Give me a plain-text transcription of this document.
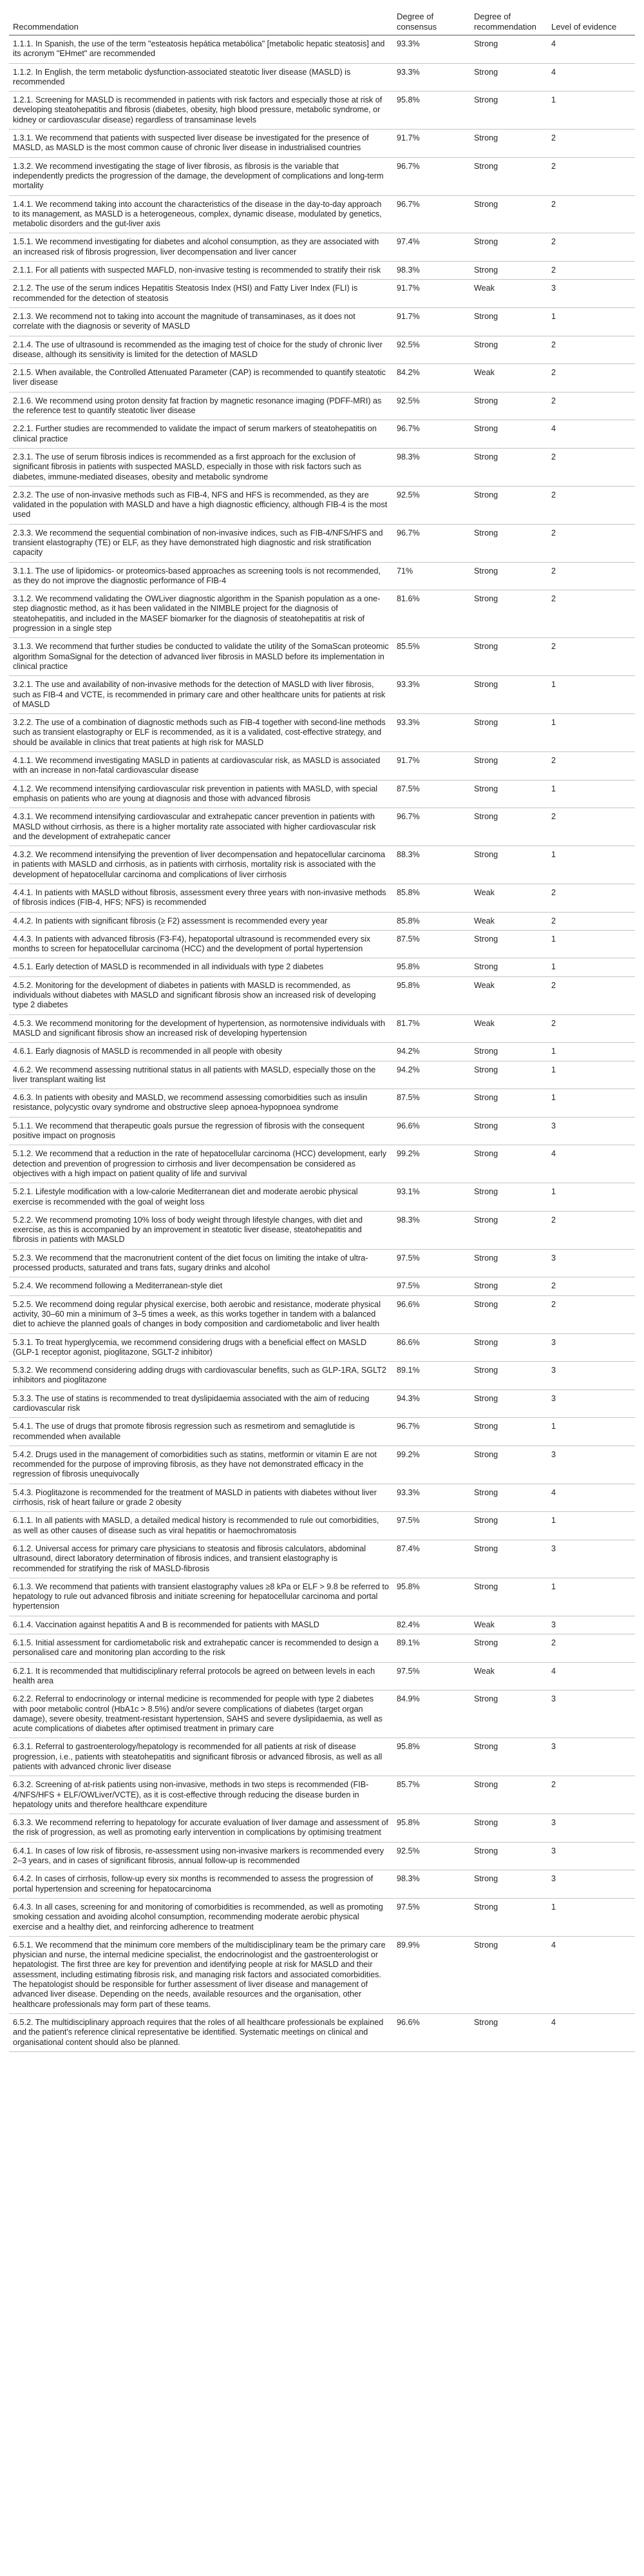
Recommendation	Degree of consensus	Degree of recommendation	Level of evidence
1.1.1. In Spanish, the use of the term "esteatosis hepática metabólica" [metabolic hepatic steatosis] and its acronym "EHmet" are recommended	93.3%	Strong	4
1.1.2. In English, the term metabolic dysfunction-associated steatotic liver disease (MASLD) is recommended	93.3%	Strong	4
1.2.1. Screening for MASLD is recommended in patients with risk factors and especially those at risk of developing steatohepatitis and fibrosis (diabetes, obesity, high blood pressure, metabolic syndrome, or kidney or cardiovascular disease) regardless of transaminase levels	95.8%	Strong	1
1.3.1. We recommend that patients with suspected liver disease be investigated for the presence of MASLD, as MASLD is the most common cause of chronic liver disease in industrialised countries	91.7%	Strong	2
1.3.2. We recommend investigating the stage of liver fibrosis, as fibrosis is the variable that independently predicts the progression of the damage, the development of complications and long-term mortality	96.7%	Strong	2
1.4.1. We recommend taking into account the characteristics of the disease in the day-to-day approach to its management, as MASLD is a heterogeneous, complex, dynamic disease, modulated by genetics, metabolic disorders and the gut-liver axis	96.7%	Strong	2
1.5.1. We recommend investigating for diabetes and alcohol consumption, as they are associated with an increased risk of fibrosis progression, liver decompensation and liver cancer	97.4%	Strong	2
2.1.1. For all patients with suspected MAFLD, non-invasive testing is recommended to stratify their risk	98.3%	Strong	2
2.1.2. The use of the serum indices Hepatitis Steatosis Index (HSI) and Fatty Liver Index (FLI) is recommended for the detection of steatosis	91.7%	Weak	3
2.1.3. We recommend not to taking into account the magnitude of transaminases, as it does not correlate with the diagnosis or severity of MASLD	91.7%	Strong	1
2.1.4. The use of ultrasound is recommended as the imaging test of choice for the study of chronic liver disease, although its sensitivity is limited for the detection of MASLD	92.5%	Strong	2
2.1.5. When available, the Controlled Attenuated Parameter (CAP) is recommended to quantify steatotic liver disease	84.2%	Weak	2
2.1.6. We recommend using proton density fat fraction by magnetic resonance imaging (PDFF-MRI) as the reference test to quantify steatotic liver disease	92.5%	Strong	2
2.2.1. Further studies are recommended to validate the impact of serum markers of steatohepatitis on clinical practice	96.7%	Strong	4
2.3.1. The use of serum fibrosis indices is recommended as a first approach for the exclusion of significant fibrosis in patients with suspected MASLD, especially in those with risk factors such as diabetes, immune-mediated diseases, obesity and metabolic syndrome	98.3%	Strong	2
2.3.2. The use of non-invasive methods such as FIB-4, NFS and HFS is recommended, as they are validated in the population with MASLD and have a high diagnostic efficiency, although FIB-4 is the most used	92.5%	Strong	2
2.3.3. We recommend the sequential combination of non-invasive indices, such as FIB-4/NFS/HFS and transient elastography (TE) or ELF, as they have demonstrated high diagnostic and risk stratification capacity	96.7%	Strong	2
3.1.1. The use of lipidomics- or proteomics-based approaches as screening tools is not recommended, as they do not improve the diagnostic performance of FIB-4	71%	Strong	2
3.1.2. We recommend validating the OWLiver diagnostic algorithm in the Spanish population as a one-step diagnostic method, as it has been validated in the NIMBLE project for the diagnosis of steatohepatitis, and included in the MASEF biomarker for the diagnosis of steatohepatitis at risk of progression in a single step	81.6%	Strong	2
3.1.3. We recommend that further studies be conducted to validate the utility of the SomaScan proteomic algorithm SomaSignal for the detection of advanced liver fibrosis in MASLD before its implementation in clinical practice	85.5%	Strong	2
3.2.1. The use and availability of non-invasive methods for the detection of MASLD with liver fibrosis, such as FIB-4 and VCTE, is recommended in primary care and other healthcare units for patients at risk of MASLD	93.3%	Strong	1
3.2.2. The use of a combination of diagnostic methods such as FIB-4 together with second-line methods such as transient elastography or ELF is recommended, as it is a validated, cost-effective strategy, and should be available in clinics that treat patients at high risk for MASLD	93.3%	Strong	1
4.1.1. We recommend investigating MASLD in patients at cardiovascular risk, as MASLD is associated with an increase in non-fatal cardiovascular disease	91.7%	Strong	2
4.1.2. We recommend intensifying cardiovascular risk prevention in patients with MASLD, with special emphasis on patients who are young at diagnosis and those with advanced fibrosis	87.5%	Strong	1
4.3.1. We recommend intensifying cardiovascular and extrahepatic cancer prevention in patients with MASLD without cirrhosis, as there is a higher mortality rate associated with higher cardiovascular risk and the development of extrahepatic cancer	96.7%	Strong	2
4.3.2. We recommend intensifying the prevention of liver decompensation and hepatocellular carcinoma in patients with MASLD and cirrhosis, as in patients with cirrhosis, mortality risk is associated with the development of hepatocellular carcinoma and complications of liver cirrhosis	88.3%	Strong	1
4.4.1. In patients with MASLD without fibrosis, assessment every three years with non-invasive methods of fibrosis indices (FIB-4, HFS; NFS) is recommended	85.8%	Weak	2
4.4.2. In patients with significant fibrosis (≥ F2) assessment is recommended every year	85.8%	Weak	2
4.4.3. In patients with advanced fibrosis (F3-F4), hepatoportal ultrasound is recommended every six months to screen for hepatocellular carcinoma (HCC) and the development of portal hypertension	87.5%	Strong	1
4.5.1. Early detection of MASLD is recommended in all individuals with type 2 diabetes	95.8%	Strong	1
4.5.2. Monitoring for the development of diabetes in patients with MASLD is recommended, as individuals without diabetes with MASLD and significant fibrosis show an increased risk of developing type 2 diabetes	95.8%	Weak	2
4.5.3. We recommend monitoring for the development of hypertension, as normotensive individuals with MASLD and significant fibrosis show an increased risk of developing hypertension	81.7%	Weak	2
4.6.1. Early diagnosis of MASLD is recommended in all people with obesity	94.2%	Strong	1
4.6.2. We recommend assessing nutritional status in all patients with MASLD, especially those on the liver transplant waiting list	94.2%	Strong	1
4.6.3. In patients with obesity and MASLD, we recommend assessing comorbidities such as insulin resistance, polycystic ovary syndrome and obstructive sleep apnoea-hypopnoea syndrome	87.5%	Strong	1
5.1.1. We recommend that therapeutic goals pursue the regression of fibrosis with the consequent positive impact on prognosis	96.6%	Strong	3
5.1.2. We recommend that a reduction in the rate of hepatocellular carcinoma (HCC) development, early detection and prevention of progression to cirrhosis and liver decompensation be considered as objectives with a high impact on patient quality of life and survival	99.2%	Strong	4
5.2.1. Lifestyle modification with a low-calorie Mediterranean diet and moderate aerobic physical exercise is recommended with the goal of weight loss	93.1%	Strong	1
5.2.2. We recommend promoting 10% loss of body weight through lifestyle changes, with diet and exercise, as this is accompanied by an improvement in steatotic liver disease, steatohepatitis and fibrosis in patients with MASLD	98.3%	Strong	2
5.2.3. We recommend that the macronutrient content of the diet focus on limiting the intake of ultra-processed products, saturated and trans fats, sugary drinks and alcohol	97.5%	Strong	3
5.2.4. We recommend following a Mediterranean-style diet	97.5%	Strong	2
5.2.5. We recommend doing regular physical exercise, both aerobic and resistance, moderate physical activity, 30–60 min a minimum of 3–5 times a week, as this works together in tandem with a balanced diet to achieve the planned goals of changes in body composition and cardiometabolic and liver health	96.6%	Strong	2
5.3.1. To treat hyperglycemia, we recommend considering drugs with a beneficial effect on MASLD (GLP-1 receptor agonist, pioglitazone, SGLT-2 inhibitor)	86.6%	Strong	3
5.3.2. We recommend considering adding drugs with cardiovascular benefits, such as GLP-1RA, SGLT2 inhibitors and pioglitazone	89.1%	Strong	3
5.3.3. The use of statins is recommended to treat dyslipidaemia associated with the aim of reducing cardiovascular risk	94.3%	Strong	3
5.4.1. The use of drugs that promote fibrosis regression such as resmetirom and semaglutide is recommended when available	96.7%	Strong	1
5.4.2. Drugs used in the management of comorbidities such as statins, metformin or vitamin E are not recommended for the purpose of improving fibrosis, as they have not demonstrated efficacy in the regression of fibrosis unequivocally	99.2%	Strong	3
5.4.3. Pioglitazone is recommended for the treatment of MASLD in patients with diabetes without liver cirrhosis, risk of heart failure or grade 2 obesity	93.3%	Strong	4
6.1.1. In all patients with MASLD, a detailed medical history is recommended to rule out comorbidities, as well as other causes of disease such as viral hepatitis or haemochromatosis	97.5%	Strong	1
6.1.2. Universal access for primary care physicians to steatosis and fibrosis calculators, abdominal ultrasound, direct laboratory determination of fibrosis indices, and transient elastography is recommended for stratifying the risk of MASLD-fibrosis	87.4%	Strong	3
6.1.3. We recommend that patients with transient elastography values ≥8 kPa or ELF > 9.8 be referred to hepatology to rule out advanced fibrosis and initiate screening for hepatocellular carcinoma and portal hypertension	95.8%	Strong	1
6.1.4. Vaccination against hepatitis A and B is recommended for patients with MASLD	82.4%	Weak	3
6.1.5. Initial assessment for cardiometabolic risk and extrahepatic cancer is recommended to design a personalised care and monitoring plan according to the risk	89.1%	Strong	2
6.2.1. It is recommended that multidisciplinary referral protocols be agreed on between levels in each health area	97.5%	Weak	4
6.2.2. Referral to endocrinology or internal medicine is recommended for people with type 2 diabetes with poor metabolic control (HbA1c > 8.5%) and/or severe complications of diabetes (target organ damage), severe obesity, treatment-resistant hypertension, SAHS and severe dyslipidaemia, as well as acute complications of diabetes after optimised treatment in primary care	84.9%	Strong	3
6.3.1. Referral to gastroenterology/hepatology is recommended for all patients at risk of disease progression, i.e., patients with steatohepatitis and significant fibrosis or advanced fibrosis, as well as all patients with advanced chronic liver disease	95.8%	Strong	3
6.3.2. Screening of at-risk patients using non-invasive, methods in two steps is recommended (FIB-4/NFS/HFS + ELF/OWLiver/VCTE), as it is cost-effective through reducing the disease burden in hepatology units and therefore healthcare expenditure	85.7%	Strong	2
6.3.3. We recommend referring to hepatology for accurate evaluation of liver damage and assessment of the risk of progression, as well as promoting early intervention in complications by optimising treatment	95.8%	Strong	3
6.4.1. In cases of low risk of fibrosis, re-assessment using non-invasive markers is recommended every 2–3 years, and in cases of significant fibrosis, annual follow-up is recommended	92.5%	Strong	3
6.4.2. In cases of cirrhosis, follow-up every six months is recommended to assess the progression of portal hypertension and screening for hepatocarcinoma	98.3%	Strong	3
6.4.3. In all cases, screening for and monitoring of comorbidities is recommended, as well as promoting smoking cessation and avoiding alcohol consumption, recommending moderate aerobic physical exercise and a healthy diet, and reinforcing adherence to treatment	97.5%	Strong	1
6.5.1. We recommend that the minimum core members of the multidisciplinary team be the primary care physician and nurse, the internal medicine specialist, the endocrinologist and the gastroenterologist or hepatologist. The first three are key for prevention and identifying people at risk for MASLD and their assessment, including estimating fibrosis risk, and managing risk factors and associated comorbidities. The hepatologist should be responsible for further assessment of liver disease and management of advanced liver disease. Depending on the needs, available resources and the organisation, other healthcare professionals may form part of these teams.	89.9%	Strong	4
6.5.2. The multidisciplinary approach requires that the roles of all healthcare professionals be explained and the patient's reference clinical representative be identified. Systematic meetings on clinical and organisational content should also be planned.	96.6%	Strong	4
